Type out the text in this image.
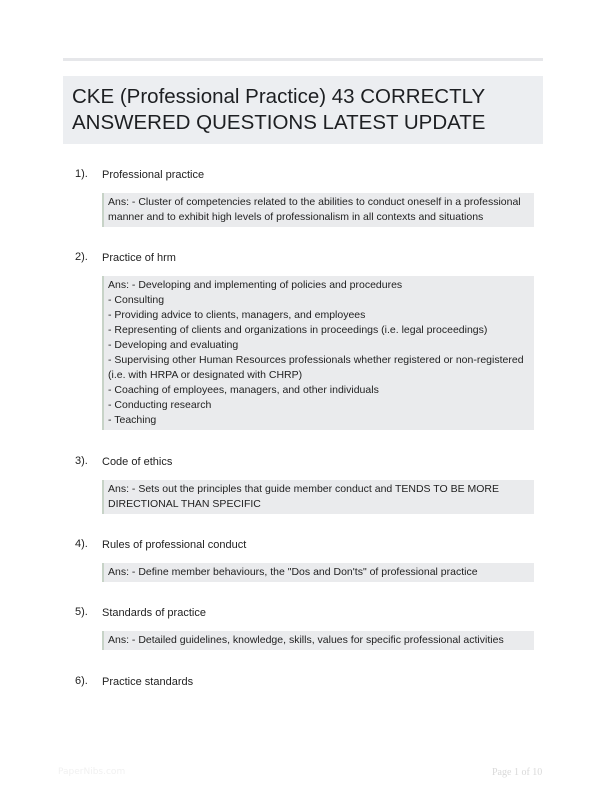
CKE (Professional Practice) 43 CORRECTLY
ANSWERED QUESTIONS LATEST UPDATE
1). Professional practice
Ans: - Cluster of competencies related to the abilities to conduct oneself in a professional
manner and to exhibit high levels of professionalism in all contexts and situations
2). Practice of hrm
Ans: - Developing and implementing of policies and procedures
- Consulting
- Providing advice to clients, managers, and employees
- Representing of clients and organizations in proceedings (i.e. legal proceedings)
- Developing and evaluating
- Supervising other Human Resources professionals whether registered or non-registered
(i.e. with HRPA or designated with CHRP)
- Coaching of employees, managers, and other individuals
- Conducting research
- Teaching
3). Code of ethics
Ans: - Sets out the principles that guide member conduct and TENDS TO BE MORE
DIRECTIONAL THAN SPECIFIC
4). Rules of professional conduct
Ans: - Define member behaviours, the "Dos and Don'ts" of professional practice
5). Standards of practice
Ans: - Detailed guidelines, knowledge, skills, values for specific professional activities
6). Practice standards
PaperNibs.com	Page 1 of 10
